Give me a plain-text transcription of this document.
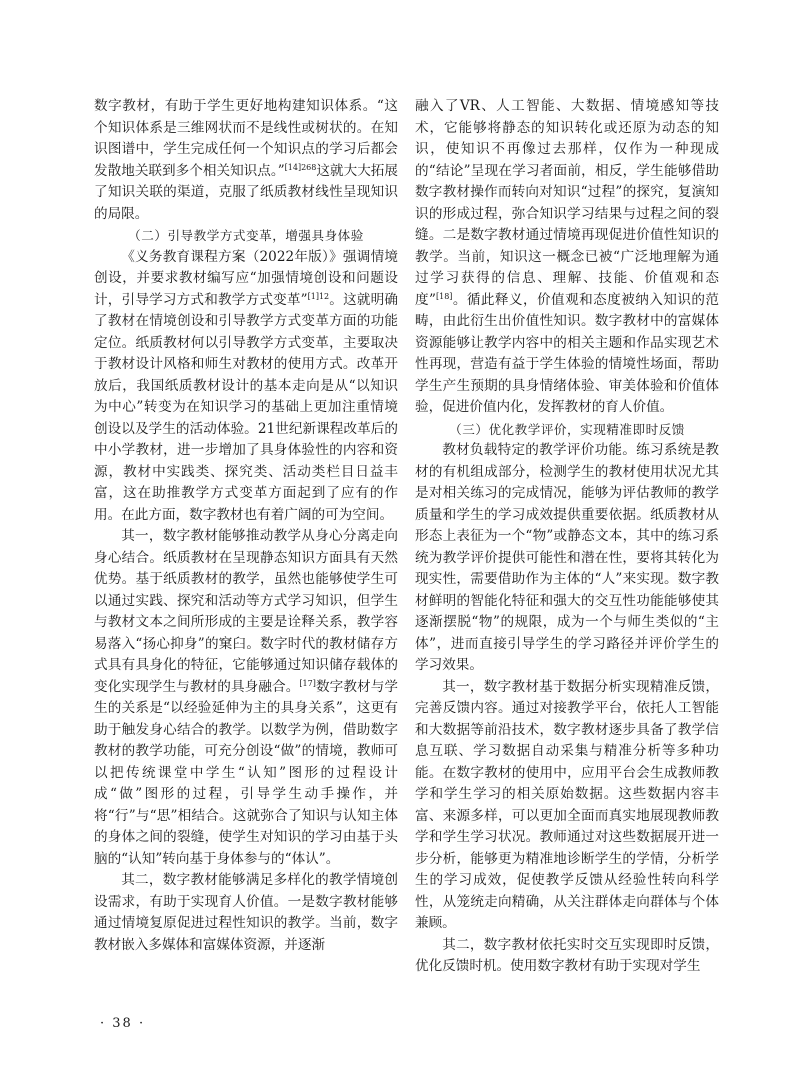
数字教材，有助于学生更好地构建知识体系。“这个知识体系是三维网状而不是线性或树状的。在知识图谱中，学生完成任何一个知识点的学习后都会发散地关联到多个相关知识点。”$^{[14]268}$这就大大拓展了知识关联的渠道，克服了纸质教材线性呈现知识的局限。

（二）引导教学方式变革，增强具身体验

《义务教育课程方案（2022年版）》强调情境创设，并要求教材编写应“加强情境创设和问题设计，引导学习方式和教学方式变革”$^{[1]12}$。这就明确了教材在情境创设和引导教学方式变革方面的功能定位。纸质教材何以引导教学方式变革，主要取决于教材设计风格和师生对教材的使用方式。改革开放后，我国纸质教材设计的基本走向是从“以知识为中心”转变为在知识学习的基础上更加注重情境创设以及学生的活动体验。21世纪新课程改革后的中小学教材，进一步增加了具身体验性的内容和资源，教材中实践类、探究类、活动类栏目日益丰富，这在助推教学方式变革方面起到了应有的作用。在此方面，数字教材也有着广阔的可为空间。

其一，数字教材能够推动教学从身心分离走向身心结合。纸质教材在呈现静态知识方面具有天然优势。基于纸质教材的教学，虽然也能够使学生可以通过实践、探究和活动等方式学习知识，但学生与教材文本之间所形成的主要是诠释关系，教学容易落入“扬心抑身”的窠臼。数字时代的教材储存方式具有具身化的特征，它能够通过知识储存载体的变化实现学生与教材的具身融合。[17]数字教材与学生的关系是“以经验延伸为主的具身关系”，这更有助于触发身心结合的教学。以数学为例，借助数字教材的教学功能，可充分创设“做”的情境，教师可以把传统课堂中学生“认知”图形的过程设计成“做”图形的过程，引导学生动手操作，并将“行”与“思”相结合。这就弥合了知识与认知主体的身体之间的裂缝，使学生对知识的学习由基于头脑的“认知”转向基于身体参与的“体认”。

其二，数字教材能够满足多样化的教学情境创设需求，有助于实现育人价值。一是数字教材能够通过情境复原促进过程性知识的教学。当前，数字教材嵌入多媒体和富媒体资源，并逐渐

融入了VR、人工智能、大数据、情境感知等技术，它能够将静态的知识转化或还原为动态的知识，使知识不再像过去那样，仅作为一种现成的“结论”呈现在学习者面前，相反，学生能够借助数字教材操作而转向对知识“过程”的探究，复演知识的形成过程，弥合知识学习结果与过程之间的裂缝。二是数字教材通过情境再现促进价值性知识的教学。当前，知识这一概念已被“广泛地理解为通过学习获得的信息、理解、技能、价值观和态度”[18]。循此释义，价值观和态度被纳入知识的范畴，由此衍生出价值性知识。数字教材中的富媒体资源能够让教学内容中的相关主题和作品实现艺术性再现，营造有益于学生体验的情境性场面，帮助学生产生预期的具身情绪体验、审美体验和价值体验，促进价值内化，发挥教材的育人价值。

（三）优化教学评价，实现精准即时反馈

教材负载特定的教学评价功能。练习系统是教材的有机组成部分，检测学生的教材使用状况尤其是对相关练习的完成情况，能够为评估教师的教学质量和学生的学习成效提供重要依据。纸质教材从形态上表征为一个“物”或静态文本，其中的练习系统为教学评价提供可能性和潜在性，要将其转化为现实性，需要借助作为主体的“人”来实现。数字教材鲜明的智能化特征和强大的交互性功能能够使其逐渐摆脱“物”的规限，成为一个与师生类似的“主体”，进而直接引导学生的学习路径并评价学生的学习效果。

其一，数字教材基于数据分析实现精准反馈，完善反馈内容。通过对接教学平台，依托人工智能和大数据等前沿技术，数字教材逐步具备了教学信息互联、学习数据自动采集与精准分析等多种功能。在数字教材的使用中，应用平台会生成教师教学和学生学习的相关原始数据。这些数据内容丰富、来源多样，可以更加全面而真实地展现教师教学和学生学习状况。教师通过对这些数据展开进一步分析，能够更为精准地诊断学生的学情，分析学生的学习成效，促使教学反馈从经验性转向科学性，从笼统走向精确，从关注群体走向群体与个体兼顾。

其二，数字教材依托实时交互实现即时反馈，优化反馈时机。使用数字教材有助于实现对学生

· 38 ·
